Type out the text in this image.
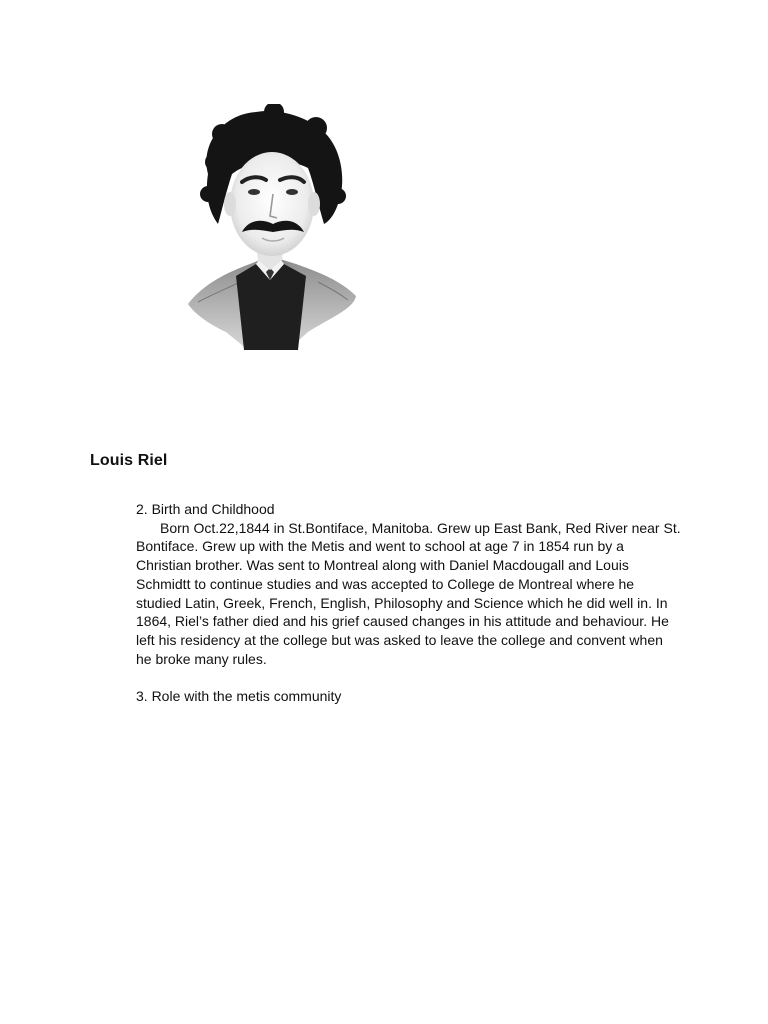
Louis Riel

2. Birth and Childhood

Born Oct.22,1844 in St.Bontiface, Manitoba. Grew up East Bank, Red River near St. Bontiface. Grew up with the Metis and went to school at age 7 in 1854 run by a Christian brother. Was sent to Montreal along with Daniel Macdougall and Louis Schmidtt to continue studies and was accepted to College de Montreal where he studied Latin, Greek, French, English, Philosophy and Science which he did well in. In 1864, Riel’s father died and his grief caused changes in his attitude and behaviour. He left his residency at the college but was asked to leave the college and convent when he broke many rules.

3. Role with the metis community
